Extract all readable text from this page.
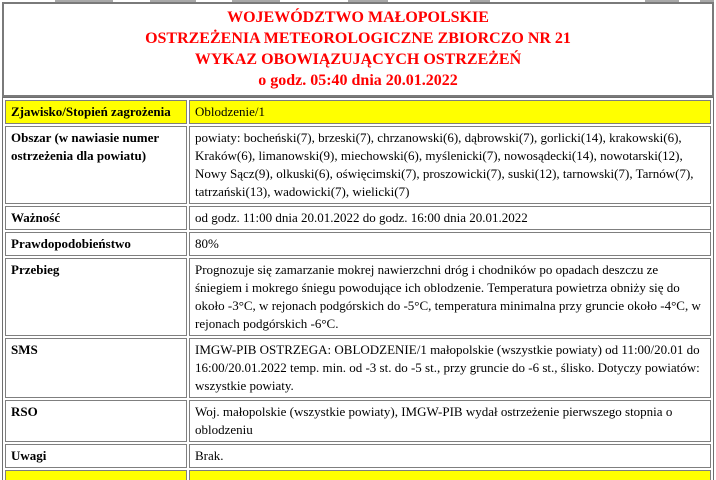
WOJEWÓDZTWO MAŁOPOLSKIE
OSTRZEŻENIA METEOROLOGICZNE ZBIORCZO NR 21
WYKAZ OBOWIĄZUJĄCYCH OSTRZEŻEŃ
o godz. 05:40 dnia 20.01.2022
Zjawisko/Stopień zagrożenia	Oblodzenie/1
Obszar (w nawiasie numer ostrzeżenia dla powiatu)	powiaty: bocheński(7), brzeski(7), chrzanowski(6), dąbrowski(7), gorlicki(14), krakowski(6), Kraków(6), limanowski(9), miechowski(6), myślenicki(7), nowosądecki(14), nowotarski(12), Nowy Sącz(9), olkuski(6), oświęcimski(7), proszowicki(7), suski(12), tarnowski(7), Tarnów(7), tatrzański(13), wadowicki(7), wielicki(7)
Ważność	od godz. 11:00 dnia 20.01.2022 do godz. 16:00 dnia 20.01.2022
Prawdopodobieństwo	80%
Przebieg	Prognozuje się zamarzanie mokrej nawierzchni dróg i chodników po opadach deszczu ze śniegiem i mokrego śniegu powodujące ich oblodzenie. Temperatura powietrza obniży się do około -3°C, w rejonach podgórskich do -5°C, temperatura minimalna przy gruncie około -4°C, w rejonach podgórskich -6°C.
SMS	IMGW-PIB OSTRZEGA: OBLODZENIE/1 małopolskie (wszystkie powiaty) od 11:00/20.01 do 16:00/20.01.2022 temp. min. od -3 st. do -5 st., przy gruncie do -6 st., ślisko. Dotyczy powiatów: wszystkie powiaty.
RSO	Woj. małopolskie (wszystkie powiaty), IMGW-PIB wydał ostrzeżenie pierwszego stopnia o oblodzeniu
Uwagi	Brak.
